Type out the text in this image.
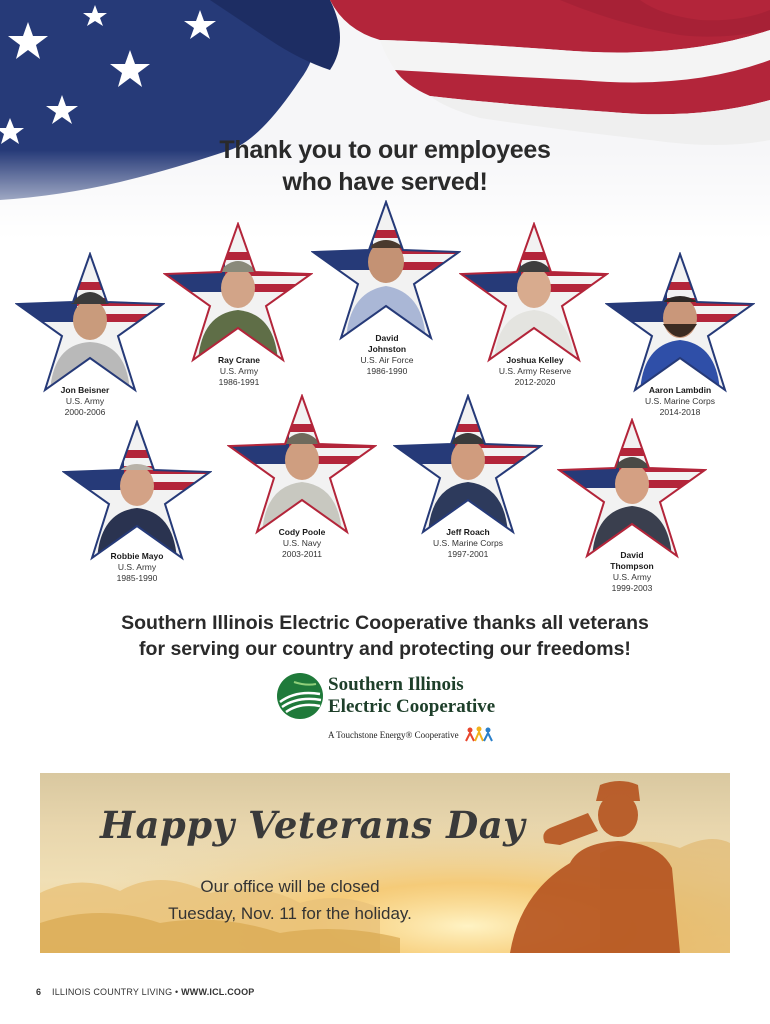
Thank you to our employees
who have served!
Jon Beisner
U.S. Army
2000-2006
Ray Crane
U.S. Army
1986-1991
David
Johnston
U.S. Air Force
1986-1990
Joshua Kelley
U.S. Army Reserve
2012-2020
Aaron Lambdin
U.S. Marine Corps
2014-2018
Robbie Mayo
U.S. Army
1985-1990
Cody Poole
U.S. Navy
2003-2011
Jeff Roach
U.S. Marine Corps
1997-2001	David
Thompson
U.S. Army
1999-2003
Southern Illinois Electric Cooperative thanks all veterans
for serving our country and protecting our freedoms!
Southern Illinois
Electric Cooperative
A Touchstone Energy® Cooperative
Happy Veterans Day
Our office will be closed
Tuesday, Nov. 11 for the holiday.
6 ILLINOIS COUNTRY LIVING • WWW.ICL.COOP
